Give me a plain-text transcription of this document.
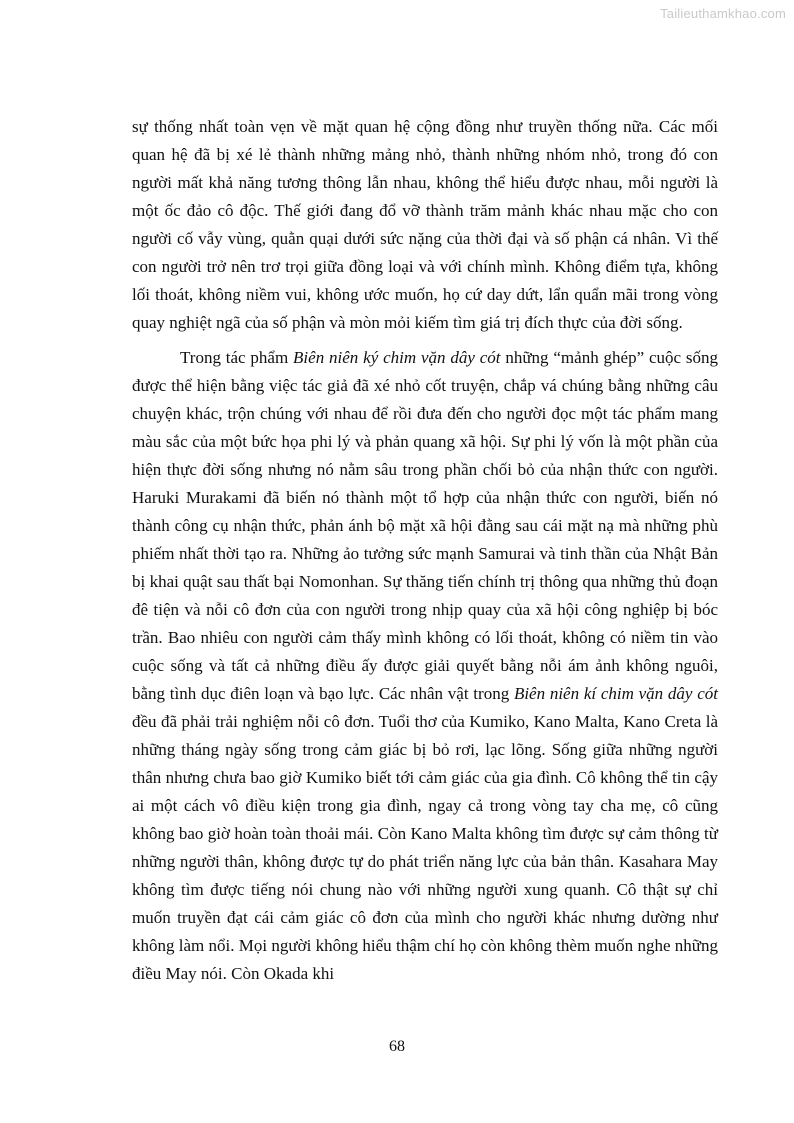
Tailieuthamkhao.com

sự thống nhất toàn vẹn về mặt quan hệ cộng đồng như truyền thống nữa. Các mối quan hệ đã bị xé lẻ thành những mảng nhỏ, thành những nhóm nhỏ, trong đó con người mất khả năng tương thông lẫn nhau, không thể hiểu được nhau, mỗi người là một ốc đảo cô độc. Thế giới đang đổ vỡ thành trăm mảnh khác nhau mặc cho con người cố vẫy vùng, quằn quại dưới sức nặng của thời đại và số phận cá nhân. Vì thế con người trở nên trơ trọi giữa đồng loại và với chính mình. Không điểm tựa, không lối thoát, không niềm vui, không ước muốn, họ cứ day dứt, lẩn quẩn mãi trong vòng quay nghiệt ngã của số phận và mòn mỏi kiếm tìm giá trị đích thực của đời sống.

Trong tác phẩm Biên niên ký chim vặn dây cót những “mảnh ghép” cuộc sống được thể hiện bằng việc tác giả đã xé nhỏ cốt truyện, chắp vá chúng bằng những câu chuyện khác, trộn chúng với nhau để rồi đưa đến cho người đọc một tác phẩm mang màu sắc của một bức họa phi lý và phản quang xã hội. Sự phi lý vốn là một phần của hiện thực đời sống nhưng nó nằm sâu trong phần chối bỏ của nhận thức con người. Haruki Murakami đã biến nó thành một tổ hợp của nhận thức con người, biến nó thành công cụ nhận thức, phản ánh bộ mặt xã hội đằng sau cái mặt nạ mà những phù phiếm nhất thời tạo ra. Những ảo tưởng sức mạnh Samurai và tinh thần của Nhật Bản bị khai quật sau thất bại Nomonhan. Sự thăng tiến chính trị thông qua những thủ đoạn đê tiện và nỗi cô đơn của con người trong nhịp quay của xã hội công nghiệp bị bóc trần. Bao nhiêu con người cảm thấy mình không có lối thoát, không có niềm tin vào cuộc sống và tất cả những điều ấy được giải quyết bằng nỗi ám ảnh không nguôi, bằng tình dục điên loạn và bạo lực. Các nhân vật trong Biên niên kí chim vặn dây cót đều đã phải trải nghiệm nỗi cô đơn. Tuổi thơ của Kumiko, Kano Malta, Kano Creta là những tháng ngày sống trong cảm giác bị bỏ rơi, lạc lõng. Sống giữa những người thân nhưng chưa bao giờ Kumiko biết tới cảm giác của gia đình. Cô không thể tin cậy ai một cách vô điều kiện trong gia đình, ngay cả trong vòng tay cha mẹ, cô cũng không bao giờ hoàn toàn thoải mái. Còn Kano Malta không tìm được sự cảm thông từ những người thân, không được tự do phát triển năng lực của bản thân. Kasahara May không tìm được tiếng nói chung nào với những người xung quanh. Cô thật sự chỉ muốn truyền đạt cái cảm giác cô đơn của mình cho người khác nhưng dường như không làm nổi. Mọi người không hiểu thậm chí họ còn không thèm muốn nghe những điều May nói. Còn Okada khi

68
